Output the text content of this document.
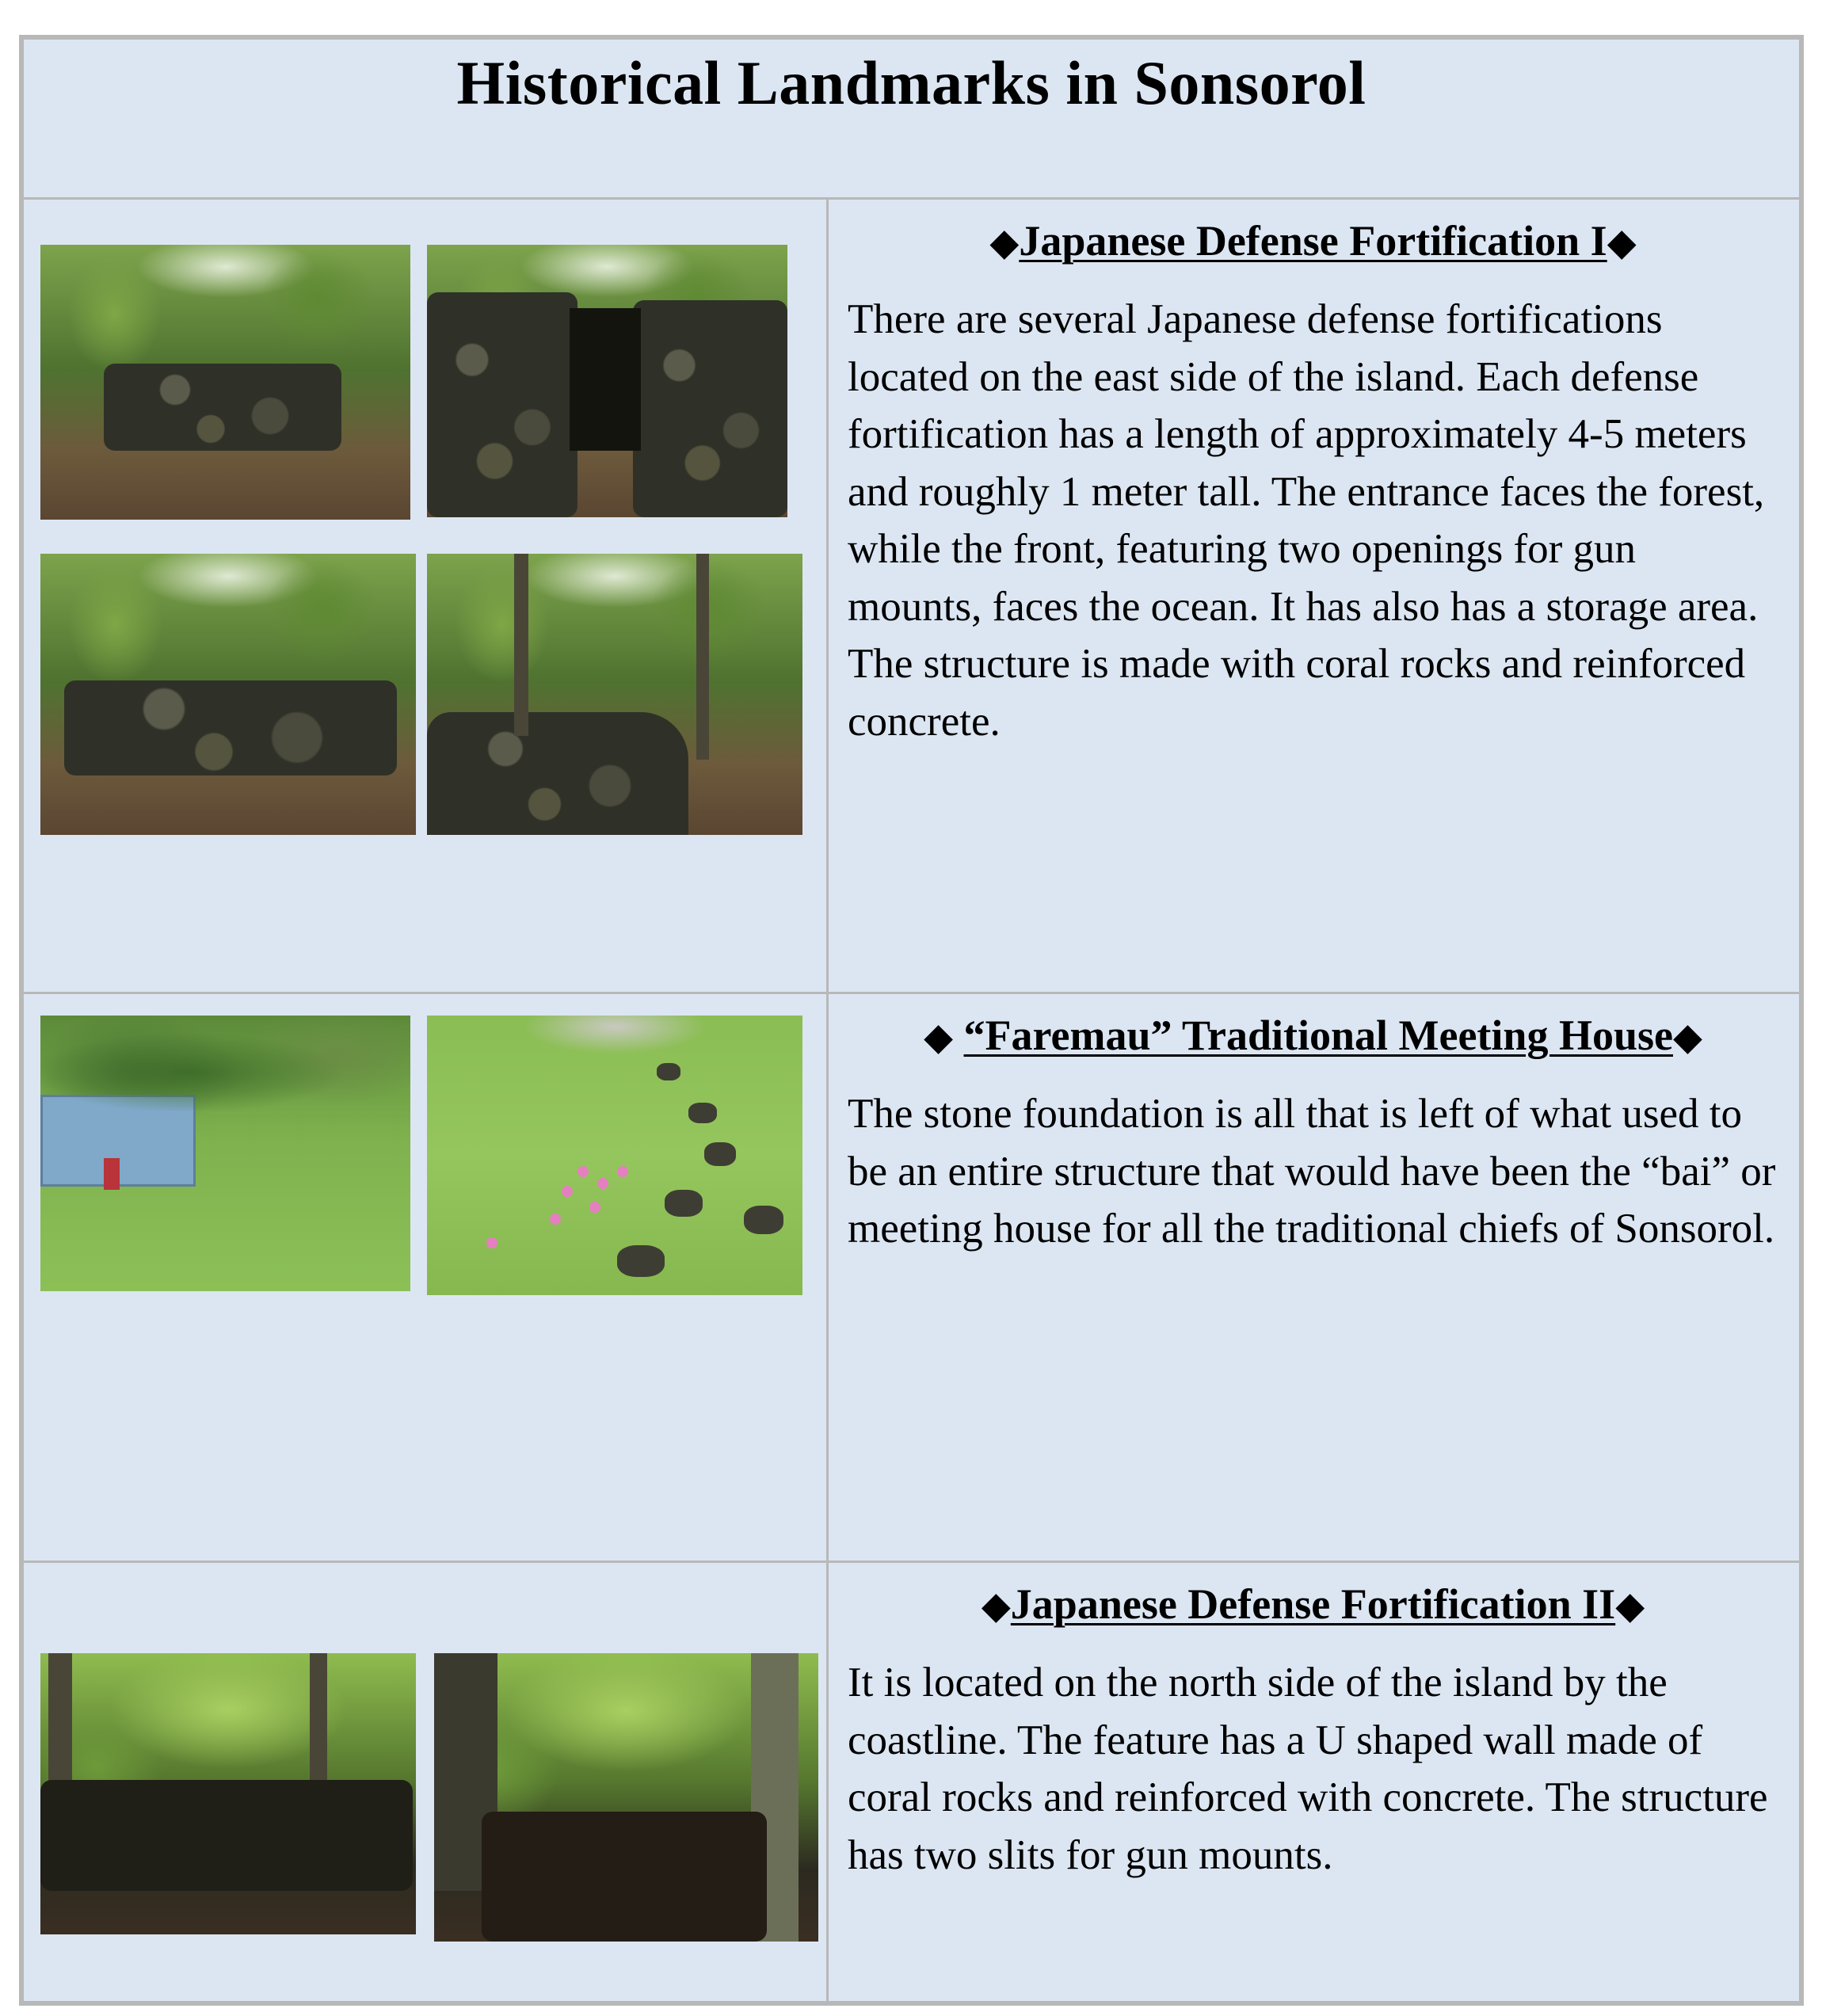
Historical Landmarks in Sonsorol
◆Japanese Defense Fortification I◆
There are several Japanese defense fortifications located on the east side of the island. Each defense fortification has a length of approximately 4-5 meters and roughly 1 meter tall. The entrance faces the forest, while the front, featuring two openings for gun mounts, faces the ocean. It has also has a storage area. The structure is made with coral rocks and reinforced concrete.
◆ “Faremau” Traditional Meeting House◆
The stone foundation is all that is left of what used to be an entire structure that would have been the “bai” or meeting house for all the traditional chiefs of Sonsorol.
◆Japanese Defense Fortification II◆
It is located on the north side of the island by the coastline. The feature has a U shaped wall made of coral rocks and reinforced with concrete. The structure has two slits for gun mounts.
